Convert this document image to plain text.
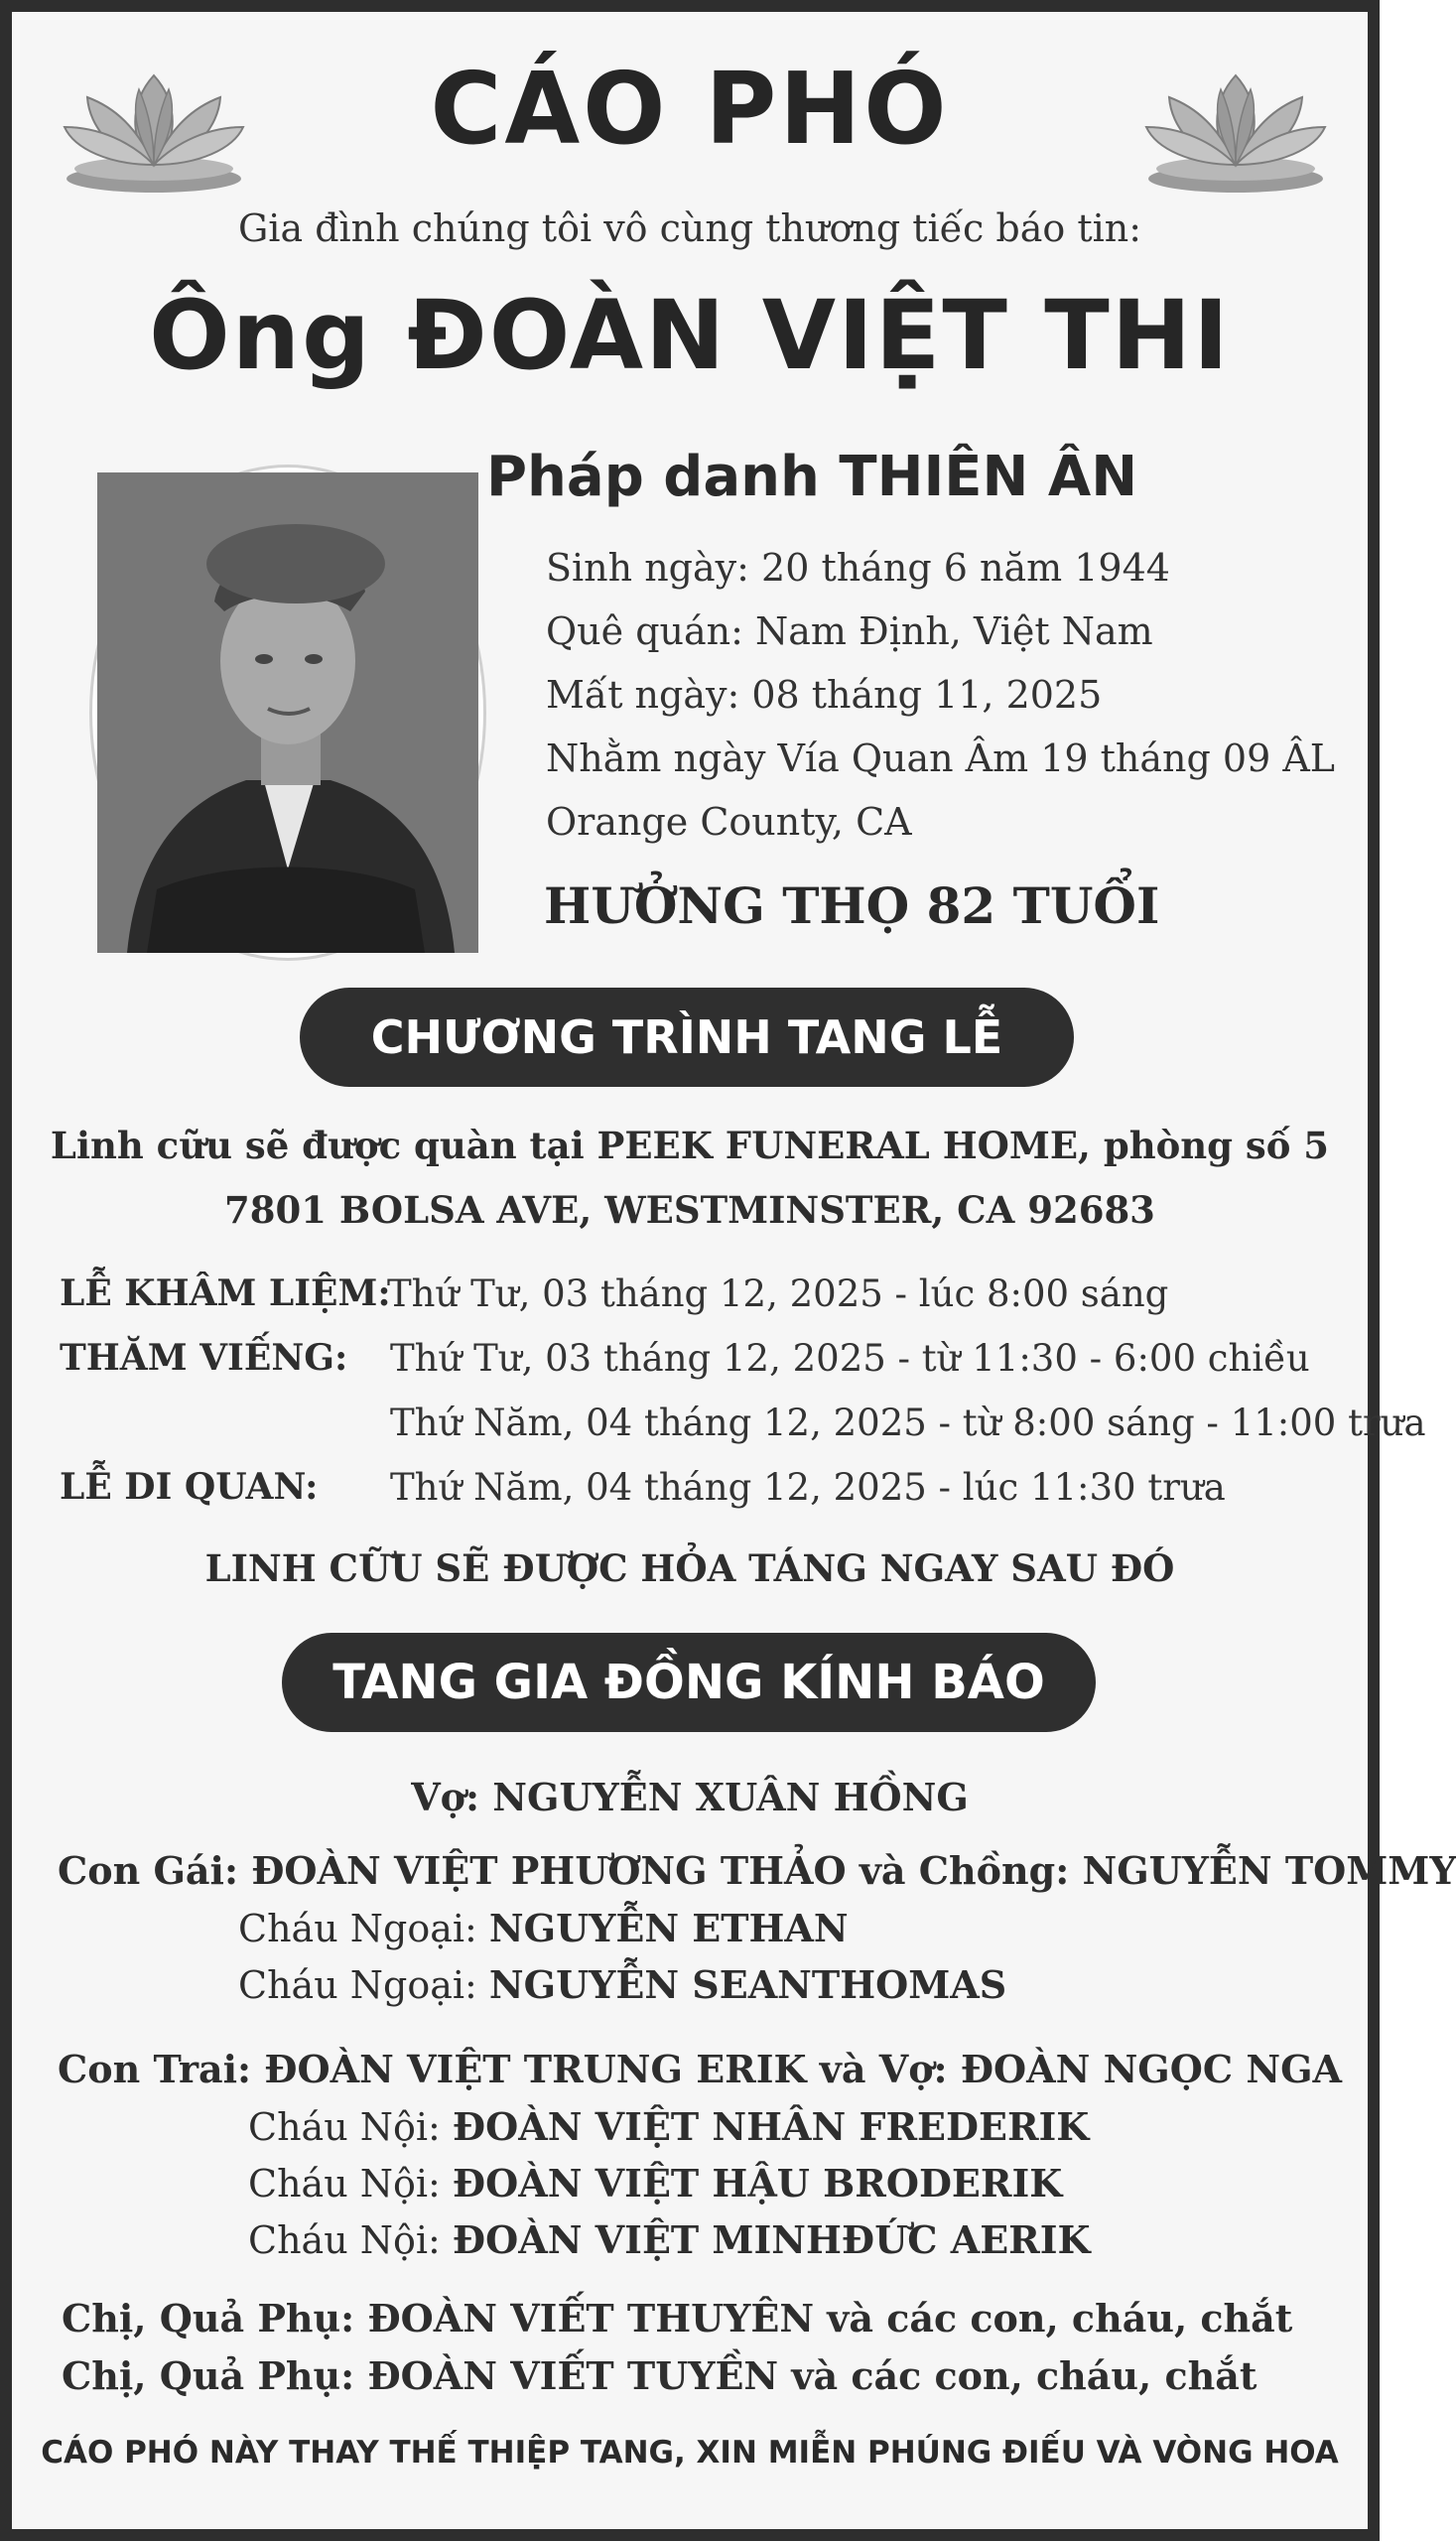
CÁO PHÓ
Gia đình chúng tôi vô cùng thương tiếc báo tin:
Ông ĐOÀN VIỆT THI
Pháp danh THIÊN ÂN
Sinh ngày: 20 tháng 6 năm 1944
Quê quán: Nam Định, Việt Nam
Mất ngày: 08 tháng 11, 2025
Nhằm ngày Vía Quan Âm 19 tháng 09 ÂL
Orange County, CA
HƯỞNG THỌ 82 TUỔI
CHƯƠNG TRÌNH TANG LỄ
Linh cữu sẽ được quàn tại PEEK FUNERAL HOME, phòng số 5
7801 BOLSA AVE, WESTMINSTER, CA 92683
LỄ KHÂM LIỆM:
Thứ Tư, 03 tháng 12, 2025 - lúc 8:00 sáng
THĂM VIẾNG: Thứ Tư, 03 tháng 12, 2025 - từ 11:30 - 6:00 chiều
Thứ Năm, 04 tháng 12, 2025 - từ 8:00 sáng - 11:00 trưa
LỄ DI QUAN: Thứ Năm, 04 tháng 12, 2025 - lúc 11:30 trưa
LINH CỮU SẼ ĐƯỢC HỎA TÁNG NGAY SAU ĐÓ
TANG GIA ĐỒNG KÍNH BÁO
Vợ: NGUYỄN XUÂN HỒNG
Con Gái: ĐOÀN VIỆT PHƯƠNG THẢO và Chồng: NGUYỄN TOMMY
Cháu Ngoại: NGUYỄN ETHAN
Cháu Ngoại: NGUYỄN SEANTHOMAS
Con Trai: ĐOÀN VIỆT TRUNG ERIK và Vợ: ĐOÀN NGỌC NGA
Cháu Nội: ĐOÀN VIỆT NHÂN FREDERIK
Cháu Nội: ĐOÀN VIỆT HẬU BRODERIK
Cháu Nội: ĐOÀN VIỆT MINHĐỨC AERIK
Chị, Quả Phụ: ĐOÀN VIẾT THUYÊN và các con, cháu, chắt
Chị, Quả Phụ: ĐOÀN VIẾT TUYỀN và các con, cháu, chắt
CÁO PHÓ NÀY THAY THẾ THIỆP TANG, XIN MIỄN PHÚNG ĐIẾU VÀ VÒNG HOA
